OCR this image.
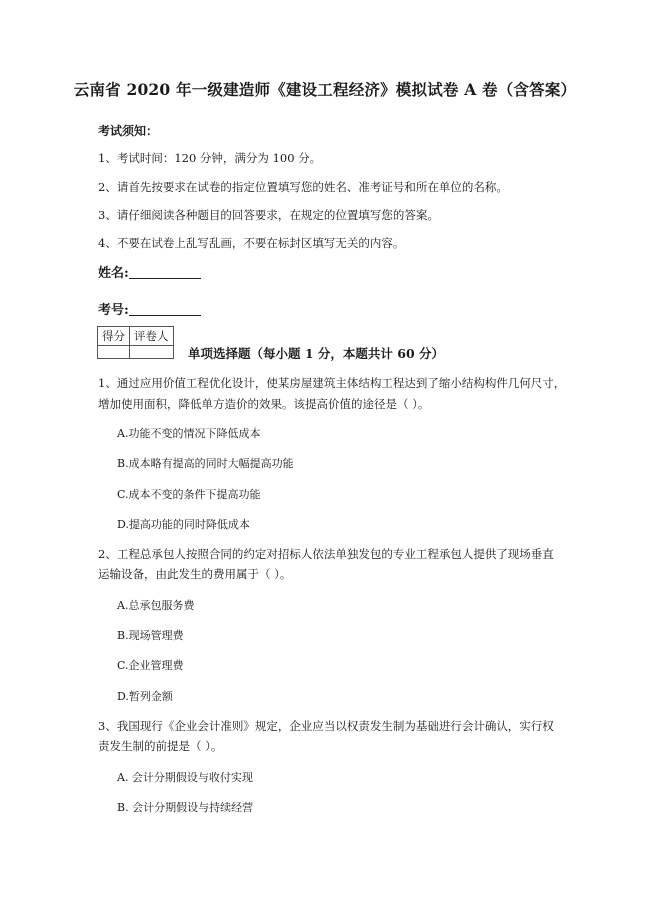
云南省 2020 年一级建造师《建设工程经济》模拟试卷 A 卷（含答案）
考试须知：
1、考试时间：120 分钟，满分为 100 分。
2、请首先按要求在试卷的指定位置填写您的姓名、准考证号和所在单位的名称。
3、请仔细阅读各种题目的回答要求，在规定的位置填写您的答案。
4、不要在试卷上乱写乱画，不要在标封区填写无关的内容。
姓名:
考号:
得分	评卷人

单项选择题（每小题 1 分，本题共计 60 分）
1、通过应用价值工程优化设计，使某房屋建筑主体结构工程达到了缩小结构构件几何尺寸，
增加使用面积，降低单方造价的效果。该提高价值的途径是（ ）。
A.功能不变的情况下降低成本
B.成本略有提高的同时大幅提高功能
C.成本不变的条件下提高功能
D.提高功能的同时降低成本
2、工程总承包人按照合同的约定对招标人依法单独发包的专业工程承包人提供了现场垂直
运输设备，由此发生的费用属于（ ）。
A.总承包服务费
B.现场管理费
C.企业管理费
D.暂列金额
3、我国现行《企业会计准则》规定，企业应当以权责发生制为基础进行会计确认，实行权
责发生制的前提是（ ）。
A. 会计分期假设与收付实现
B. 会计分期假设与持续经营
